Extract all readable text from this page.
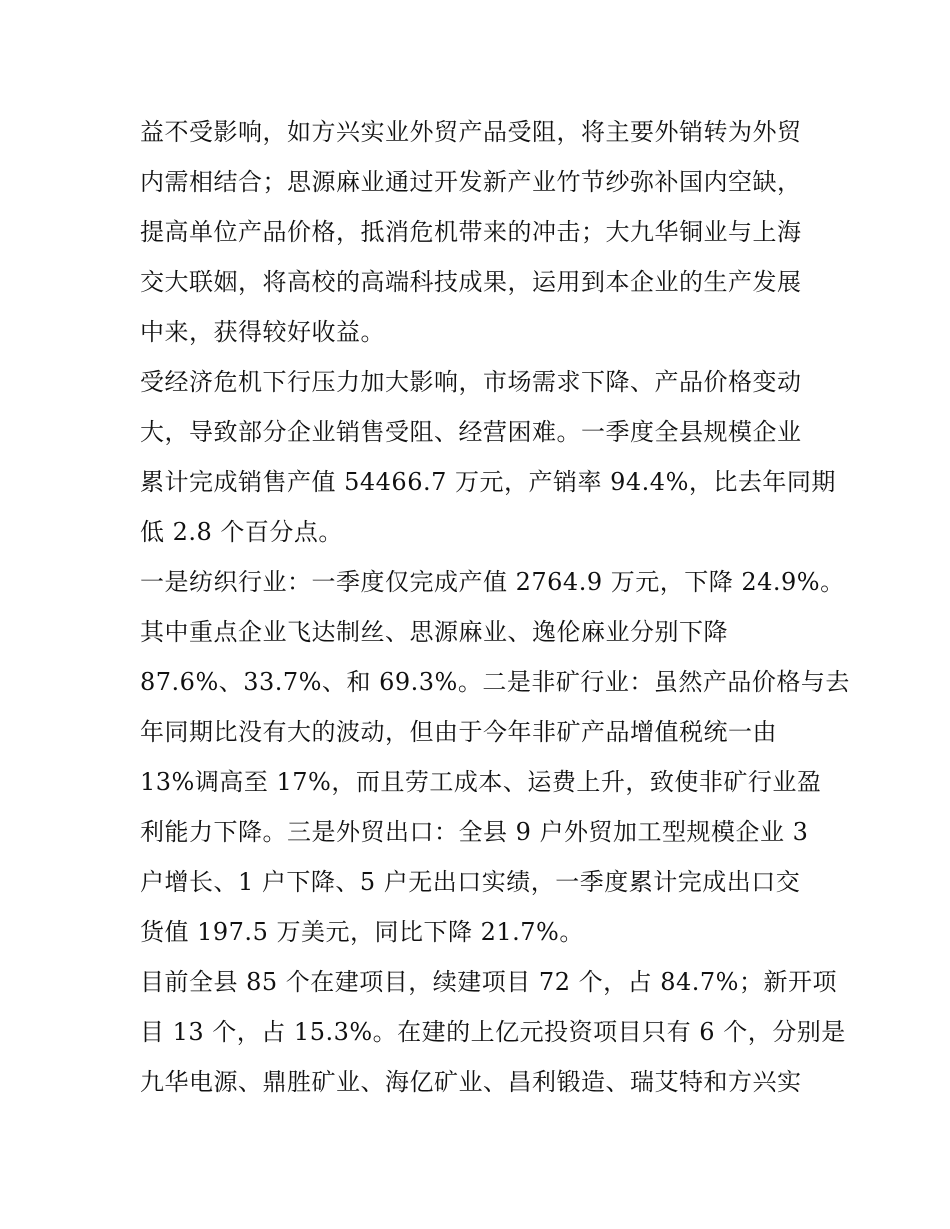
益不受影响，如方兴实业外贸产品受阻，将主要外销转为外贸
内需相结合；思源麻业通过开发新产业竹节纱弥补国内空缺，
提高单位产品价格，抵消危机带来的冲击；大九华铜业与上海
交大联姻，将高校的高端科技成果，运用到本企业的生产发展
中来，获得较好收益。

受经济危机下行压力加大影响，市场需求下降、产品价格变动
大，导致部分企业销售受阻、经营困难。一季度全县规模企业
累计完成销售产值 54466.7 万元，产销率 94.4%，比去年同期
低 2.8 个百分点。

一是纺织行业：一季度仅完成产值 2764.9 万元，下降 24.9%。
其中重点企业飞达制丝、思源麻业、逸伦麻业分别下降
87.6%、33.7%、和 69.3%。二是非矿行业：虽然产品价格与去
年同期比没有大的波动，但由于今年非矿产品增值税统一由
13%调高至 17%，而且劳工成本、运费上升，致使非矿行业盈
利能力下降。三是外贸出口：全县 9 户外贸加工型规模企业 3
户增长、1 户下降、5 户无出口实绩，一季度累计完成出口交
货值 197.5 万美元，同比下降 21.7%。

目前全县 85 个在建项目，续建项目 72 个，占 84.7%；新开项
目 13 个，占 15.3%。在建的上亿元投资项目只有 6 个，分别是
九华电源、鼎胜矿业、海亿矿业、昌利锻造、瑞艾特和方兴实
